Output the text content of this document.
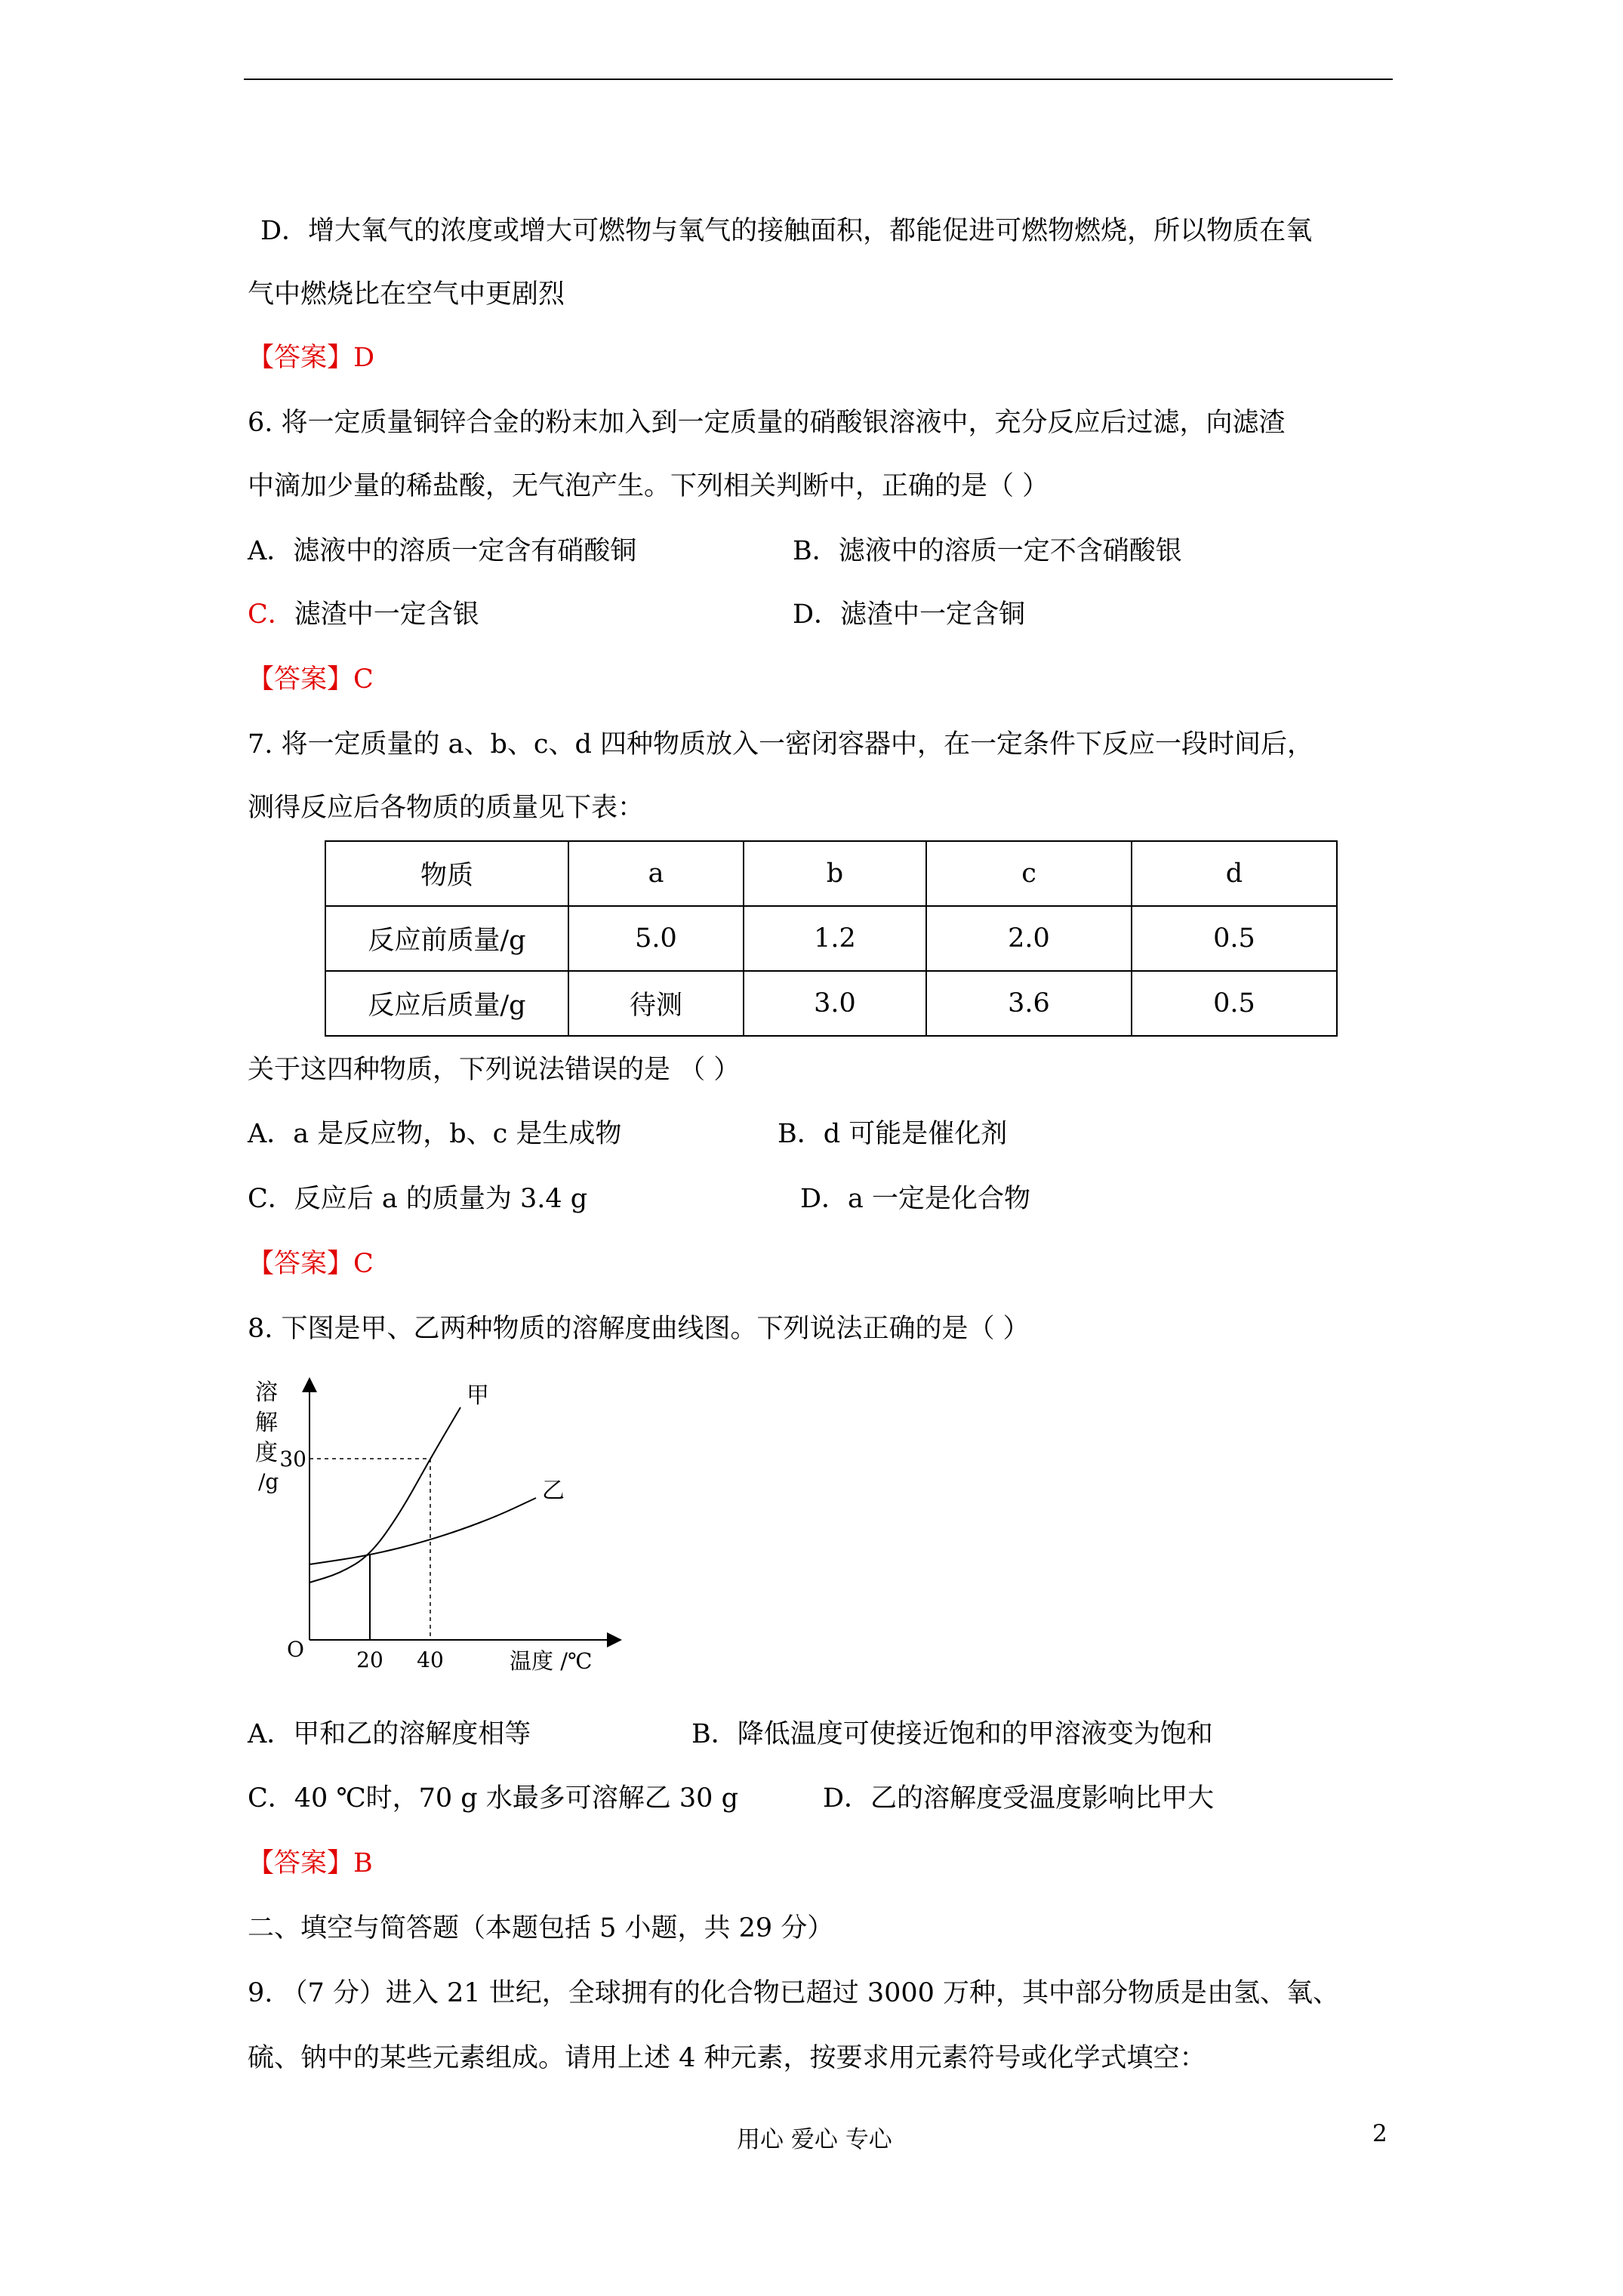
D．增大氧气的浓度或增大可燃物与氧气的接触面积，都能促进可燃物燃烧，所以物质在氧
气中燃烧比在空气中更剧烈
【答案】D
6. 将一定质量铜锌合金的粉末加入到一定质量的硝酸银溶液中，充分反应后过滤，向滤渣
中滴加少量的稀盐酸，无气泡产生。下列相关判断中，正确的是（ ）
A．滤液中的溶质一定含有硝酸铜	B．滤液中的溶质一定不含硝酸银
C．滤渣中一定含银	D．滤渣中一定含铜
【答案】C
7. 将一定质量的 a、b、c、d 四种物质放入一密闭容器中，在一定条件下反应一段时间后，
测得反应后各物质的质量见下表：
物质	a	b	c	d
反应前质量/g	5.0	1.2	2.0	0.5
反应后质量/g	待测	3.0	3.6	0.5
关于这四种物质，下列说法错误的是 （ ）
A．a 是反应物，b、c 是生成物	B．d 可能是催化剂
C．反应后 a 的质量为 3.4 g	D．a 一定是化合物
【答案】C
8. 下图是甲、乙两种物质的溶解度曲线图。下列说法正确的是（ ）
溶
解
度
/g
O	温度 /℃
20 40
30
甲
乙
A．甲和乙的溶解度相等	B．降低温度可使接近饱和的甲溶液变为饱和
C．40 ℃时，70 g 水最多可溶解乙 30 g	D．乙的溶解度受温度影响比甲大
【答案】B
二、填空与简答题（本题包括 5 小题，共 29 分）
9. （7 分）进入 21 世纪，全球拥有的化合物已超过 3000 万种，其中部分物质是由氢、氧、
硫、钠中的某些元素组成。请用上述 4 种元素，按要求用元素符号或化学式填空：
用心 爱心 专心	2
